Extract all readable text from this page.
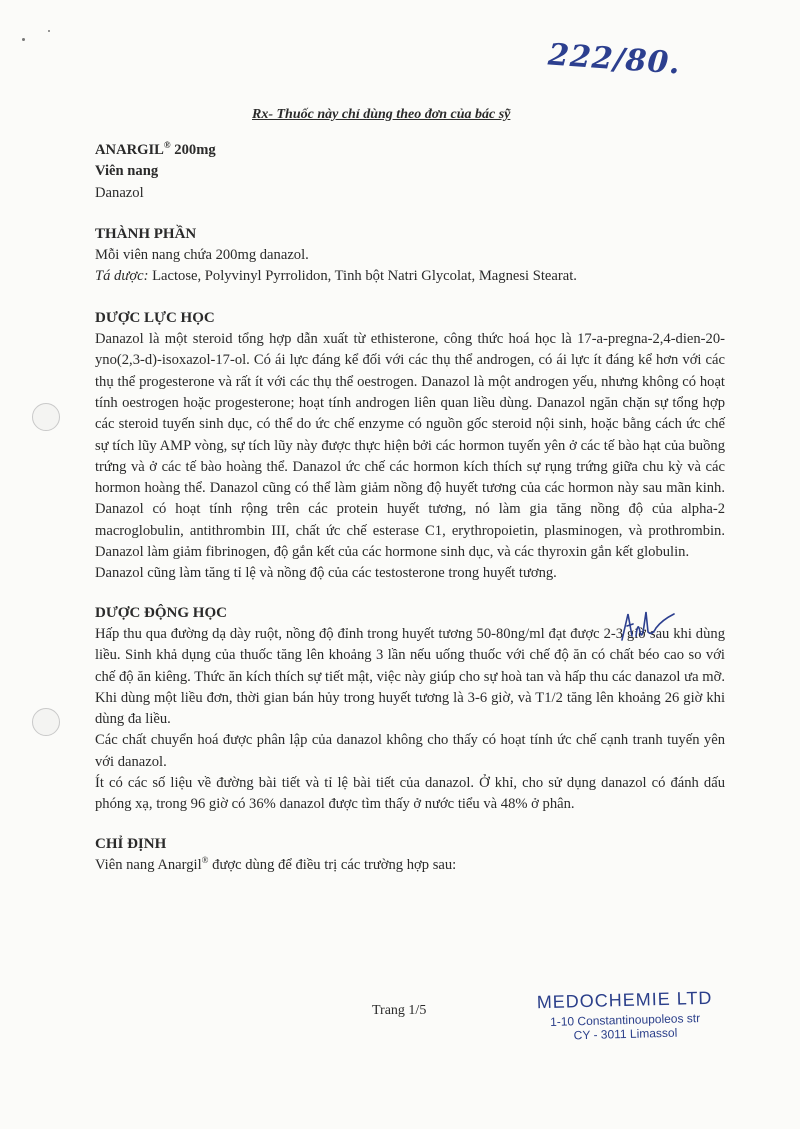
222/80.
Rx- Thuốc này chỉ dùng theo đơn của bác sỹ

ANARGIL® 200mg

Viên nang

Danazol

THÀNH PHẦN

Mỗi viên nang chứa 200mg danazol.

Tá dược: Lactose, Polyvinyl Pyrrolidon, Tinh bột Natri Glycolat, Magnesi Stearat.

DƯỢC LỰC HỌC

Danazol là một steroid tổng hợp dẫn xuất từ ethisterone, công thức hoá học là 17-a-pregna-2,4-dien-20-yno(2,3-d)-isoxazol-17-ol. Có ái lực đáng kể đối với các thụ thể androgen, có ái lực ít đáng kể hơn với các thụ thể progesterone và rất ít với các thụ thể oestrogen. Danazol là một androgen yếu, nhưng không có hoạt tính oestrogen hoặc progesterone; hoạt tính androgen liên quan liều dùng. Danazol ngăn chặn sự tổng hợp các steroid tuyến sinh dục, có thể do ức chế enzyme có nguồn gốc steroid nội sinh, hoặc bằng cách ức chế sự tích lũy AMP vòng, sự tích lũy này được thực hiện bởi các hormon tuyến yên ở các tế bào hạt của buồng trứng và ở các tế bào hoàng thể. Danazol ức chế các hormon kích thích sự rụng trứng giữa chu kỳ và các hormon hoàng thể. Danazol cũng có thể làm giảm nồng độ huyết tương của các hormon này sau mãn kinh. Danazol có hoạt tính rộng trên các protein huyết tương, nó làm gia tăng nồng độ của alpha-2 macroglobulin, antithrombin III, chất ức chế esterase C1, erythropoietin, plasminogen, và prothrombin. Danazol làm giảm fibrinogen, độ gắn kết của các hormone sinh dục, và các thyroxin gắn kết globulin.

Danazol cũng làm tăng tỉ lệ và nồng độ của các testosterone trong huyết tương.

DƯỢC ĐỘNG HỌC

Hấp thu qua đường dạ dày ruột, nồng độ đỉnh trong huyết tương 50-80ng/ml đạt được 2-3 giờ sau khi dùng liều. Sinh khả dụng của thuốc tăng lên khoảng 3 lần nếu uống thuốc với chế độ ăn có chất béo cao so với chế độ ăn kiêng. Thức ăn kích thích sự tiết mật, việc này giúp cho sự hoà tan và hấp thu các danazol ưa mỡ. Khi dùng một liều đơn, thời gian bán hủy trong huyết tương là 3-6 giờ, và T1/2 tăng lên khoảng 26 giờ khi dùng đa liều.

Các chất chuyển hoá được phân lập của danazol không cho thấy có hoạt tính ức chế cạnh tranh tuyến yên với danazol.

Ít có các số liệu về đường bài tiết và tỉ lệ bài tiết của danazol. Ở khỉ, cho sử dụng danazol có đánh dấu phóng xạ, trong 96 giờ có 36% danazol được tìm thấy ở nước tiểu và 48% ở phân.

CHỈ ĐỊNH

Viên nang Anargil® được dùng để điều trị các trường hợp sau:

Trang 1/5	MEDOCHEMIE LTD
1-10 Constantinoupoleos str
CY - 3011 Limassol
